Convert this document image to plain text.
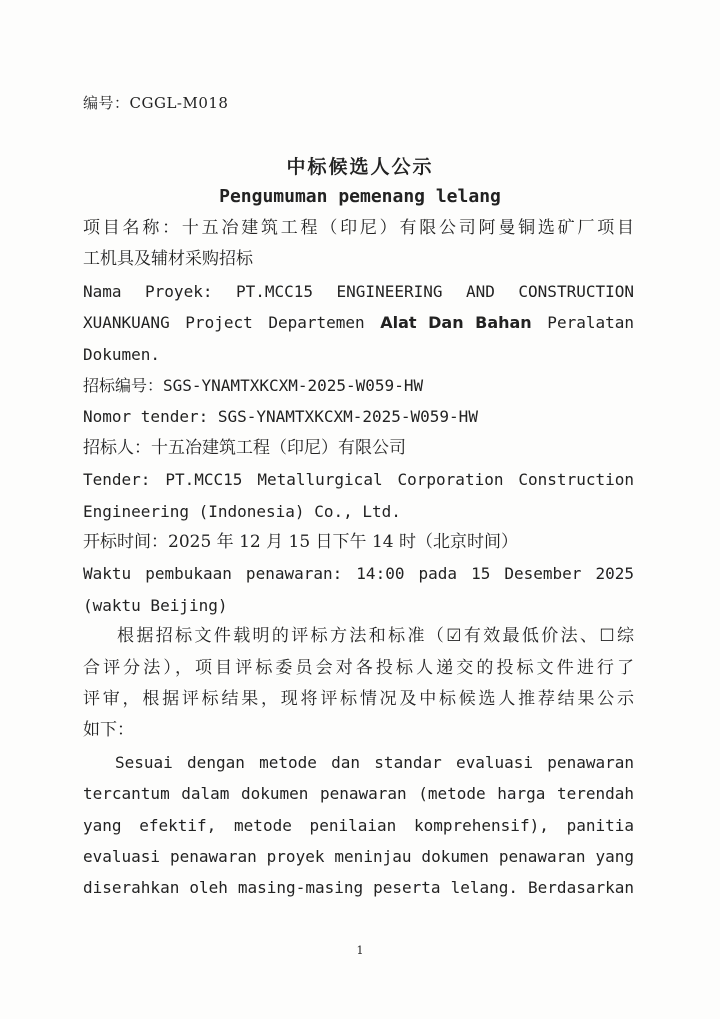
编号：CGGL-M018
中标候选人公示
Pengumuman pemenang lelang
项目名称：十五冶建筑工程（印尼）有限公司阿曼铜选矿厂项目
工机具及辅材采购招标
Nama Proyek: PT.MCC15 ENGINEERING AND CONSTRUCTION
XUANKUANG Project Departemen Alat Dan Bahan Peralatan
Dokumen.
招标编号：SGS-YNAMTXKCXM-2025-W059-HW
Nomor tender: SGS-YNAMTXKCXM-2025-W059-HW
招标人：十五冶建筑工程（印尼）有限公司
Tender: PT.MCC15 Metallurgical Corporation Construction
Engineering (Indonesia) Co., Ltd.
开标时间：2025 年 12 月 15 日下午 14 时（北京时间）
Waktu pembukaan penawaran: 14:00 pada 15 Desember 2025
(waktu Beijing)
根据招标文件载明的评标方法和标准（☑有效最低价法、☐综
合评分法），项目评标委员会对各投标人递交的投标文件进行了
评审，根据评标结果，现将评标情况及中标候选人推荐结果公示
如下：
Sesuai dengan metode dan standar evaluasi penawaran
tercantum dalam dokumen penawaran (metode harga terendah
yang efektif, metode penilaian komprehensif), panitia
evaluasi penawaran proyek meninjau dokumen penawaran yang
diserahkan oleh masing-masing peserta lelang. Berdasarkan
1
